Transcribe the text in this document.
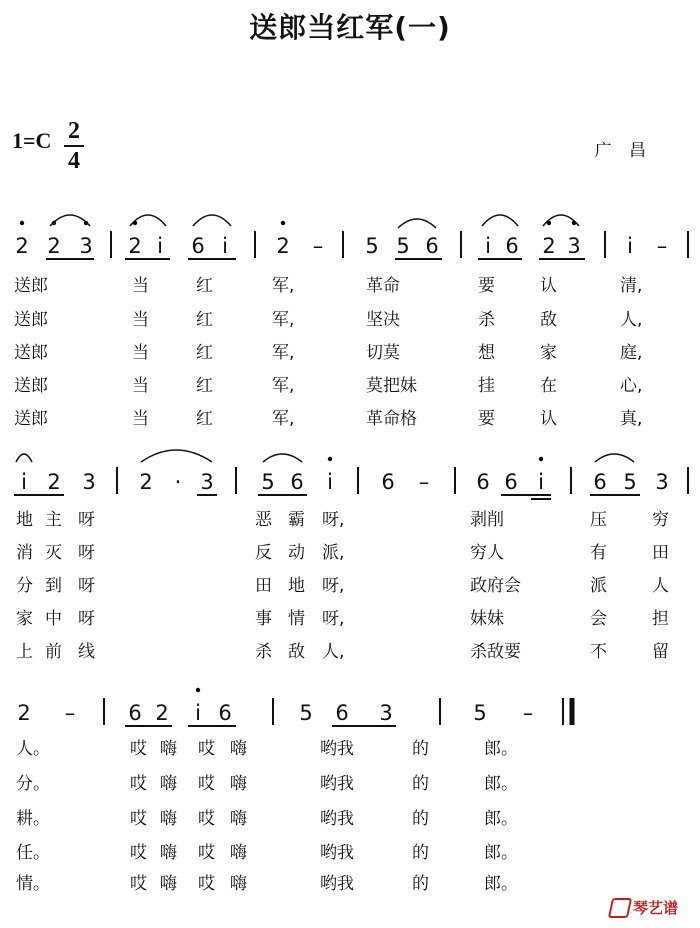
送郎当红军(一)
1=C 2
4	广 昌
2 2 3 2 i 6 i 2 – 5 5 6 i 6 2 3 i –
i 2 3 2 · 3 5 6 i 6 – 6 6 i 6 5 3
2 –	6 2 i 6	5 6 3	5 –
送郎	当	红	军,	革命	要	认	清,
送郎	当	红	军,	坚决	杀	敌	人,
送郎	当	红	军,	切莫	想	家	庭,
送郎	当	红	军,	莫把妹	挂	在	心,
送郎	当	红	军,	革命格	要	认	真,
地 主 呀	恶 霸 呀,	剥削	压	穷
消 灭 呀	反 动 派,	穷人	有	田
分 到 呀	田 地 呀,	政府会	派	人
家 中 呀	事 情 呀,	妹妹	会	担
上 前 线	杀 敌 人,	杀敌要	不	留
人。	哎 嗨 哎 嗨	哟我	的	郎。
分。	哎 嗨 哎 嗨	哟我	的	郎。
耕。	哎 嗨 哎 嗨	哟我	的	郎。
任。	哎 嗨 哎 嗨	哟我	的	郎。
情。	哎 嗨 哎 嗨	哟我	的	郎。
琴艺谱
